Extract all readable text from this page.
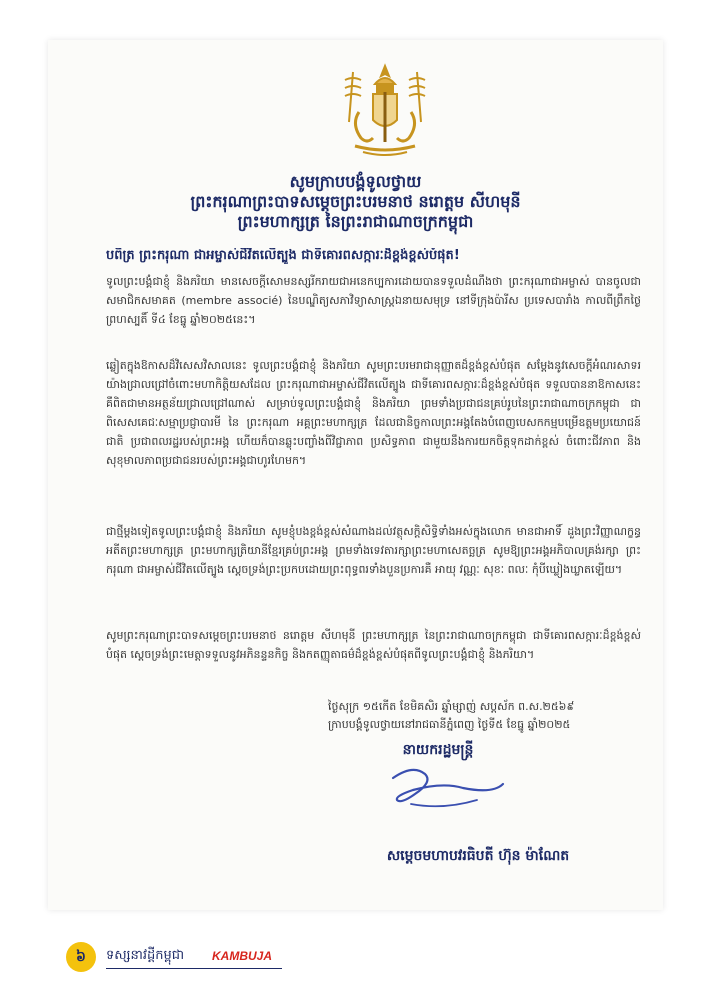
សូមក្រាបបង្គំទូលថ្វាយ
ព្រះករុណាព្រះបាទសម្តេចព្រះបរមនាថ នរោត្តម សីហមុនី
ព្រះមហាក្សត្រ នៃព្រះរាជាណាចក្រកម្ពុជា
បពិត្រ ព្រះករុណា ជាអម្ចាស់ជីវិតលើត្បូង ជាទីគោរពសក្ការៈដ៏ខ្ពង់ខ្ពស់បំផុត!
ទូលព្រះបង្គំជាខ្ញុំ និងភរិយា មានសេចក្តីសោមនស្សរីករាយជាអនេកប្បការដោយបានទទួលដំណឹងថា ព្រះករុណាជាអម្ចាស់ បានចូលជាសមាជិកសមាគត (membre associé) នៃបណ្ឌិត្យសភាវិទ្យាសាស្រ្តឯនាយសមុទ្រ នៅទីក្រុងប៉ារីស ប្រទេសបារាំង កាលពីព្រឹកថ្ងៃព្រហស្បតិ៍ ទី៤ ខែធ្នូ ឆ្នាំ២០២៥នេះ។
ឆ្លៀតក្នុងឱកាសដ៏វិសេសវិសាលនេះ ទូលព្រះបង្គំជាខ្ញុំ និងភរិយា សូមព្រះបរមរាជានុញ្ញាតដ៏ខ្ពង់ខ្ពស់បំផុត សម្តែងនូវសេចក្តីអំណរសាទរយ៉ាងជ្រាលជ្រៅចំពោះមហាកិត្តិយសដែល ព្រះករុណាជាអម្ចាស់ជីវិតលើត្បូង ជាទីគោរពសក្ការៈដ៏ខ្ពង់ខ្ពស់បំផុត ទទួលបាននាឱកាសនេះ គឺពិតជាមានអត្ថន័យជ្រាលជ្រៅណាស់ សម្រាប់ទូលព្រះបង្គំជាខ្ញុំ និងភរិយា ព្រមទាំងប្រជាជនគ្រប់រូបនៃព្រះរាជាណាចក្រកម្ពុជា ជាពិសេសគេជៈសម្មាប្រជ្ញាបារមី នៃ ព្រះករុណា អគ្គព្រះមហាក្សត្រ ដែលជានិច្ចកាលព្រះអង្គតែងបំពេញបេសកកម្មបម្រើឧត្តមប្រយោជន៍ជាតិ ប្រជាពលរដ្ឋរបស់ព្រះអង្គ ហើយក៏បានឆ្លុះបញ្ចាំងពីវិជ្ជាភាព ប្រសិទ្ធភាព ជាមួយនឹងការយកចិត្តទុកដាក់ខ្ពស់ ចំពោះជីវភាព និងសុខុមាលភាពប្រជាជនរបស់ព្រះអង្គជាហូរហែមក។
ជាថ្មីម្តងទៀតទូលព្រះបង្គំជាខ្ញុំ និងភរិយា សូមខ្ញុំបងខ្ពង់ខ្ពស់សំណាងដល់វត្ថុសក្តិសិទ្ធិទាំងអស់ក្នុងលោក មានជាអាទិ៍ ដួងព្រះវិញ្ញាណក្ខន្ធអតីតព្រះមហាក្សត្រ ព្រះមហាក្សត្រិយានីខ្មែរគ្រប់ព្រះអង្គ ព្រមទាំងទេវតារក្សាព្រះមហាសេតច្ឆត្រ សូមឱ្យព្រះអង្គអភិបាលគ្រង់រក្សា ព្រះករុណា ជាអម្ចាស់ជីវិតលើត្បូង ស្តេចទ្រង់ព្រះប្រកបដោយព្រះពុទ្ធពរទាំងបួនប្រការគឺ អាយុ វណ្ណៈ សុខៈ ពលៈ កុំបីឃ្លៀងឃ្លាតឡើយ។
សូមព្រះករុណាព្រះបាទសម្តេចព្រះបរមនាថ នរោត្តម សីហមុនី ព្រះមហាក្សត្រ នៃព្រះរាជាណាចក្រកម្ពុជា ជាទីគោរពសក្ការៈដ៏ខ្ពង់ខ្ពស់បំផុត ស្តេចទ្រង់ព្រះមេត្តាទទួលនូវអភិនន្ទនកិច្ច និងកតញ្ញុតាធម៌ដ៏ខ្ពង់ខ្ពស់បំផុតពីទូលព្រះបង្គំជាខ្ញុំ និងភរិយា។
ថ្ងៃសុក្រ ១៥កើត ខែមិគសិរ ឆ្នាំម្សាញ់ សប្តស័ក ព.ស.២៥៦៩
ក្រាបបង្គំទូលថ្វាយនៅរាជធានីភ្នំពេញ ថ្ងៃទី៥ ខែធ្នូ ឆ្នាំ២០២៥
នាយករដ្ឋមន្ត្រី
សម្តេចមហាបវរធិបតី ហ៊ុន ម៉ាណែត
៦	ទស្សនាវដ្តីកម្ពុជា KAMBUJA
